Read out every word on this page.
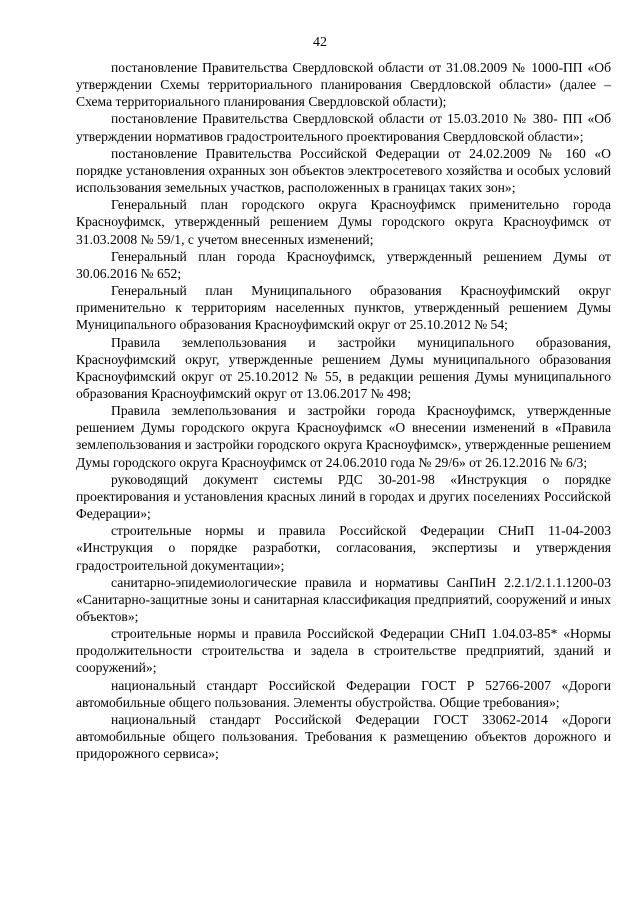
42

постановление Правительства Свердловской области от 31.08.2009 № 1000-ПП «Об утверждении Схемы территориального планирования Свердловской области» (далее – Схема территориального планирования Свердловской области);

постановление Правительства Свердловской области от 15.03.2010 № 380- ПП «Об утверждении нормативов градостроительного проектирования Свердловской области»;

постановление Правительства Российской Федерации от 24.02.2009 № 160 «О порядке установления охранных зон объектов электросетевого хозяйства и особых условий использования земельных участков, расположенных в границах таких зон»;

Генеральный план городского округа Красноуфимск применительно города Красноуфимск, утвержденный решением Думы городского округа Красноуфимск от 31.03.2008 № 59/1, с учетом внесенных изменений;

Генеральный план города Красноуфимск, утвержденный решением Думы от 30.06.2016 № 652;

Генеральный план Муниципального образования Красноуфимский округ применительно к территориям населенных пунктов, утвержденный решением Думы Муниципального образования Красноуфимский округ от 25.10.2012 № 54;

Правила землепользования и застройки муниципального образования, Красноуфимский округ, утвержденные решением Думы муниципального образования Красноуфимский округ от 25.10.2012 № 55, в редакции решения Думы муниципального образования Красноуфимский округ от 13.06.2017 № 498;

Правила землепользования и застройки города Красноуфимск, утвержденные решением Думы городского округа Красноуфимск «О внесении изменений в «Правила землепользования и застройки городского округа Красноуфимск», утвержденные решением Думы городского округа Красноуфимск от 24.06.2010 года № 29/6» от 26.12.2016 № 6/3;

руководящий документ системы РДС 30-201-98 «Инструкция о порядке проектирования и установления красных линий в городах и других поселениях Российской Федерации»;

строительные нормы и правила Российской Федерации СНиП 11-04-2003 «Инструкция о порядке разработки, согласования, экспертизы и утверждения градостроительной документации»;

санитарно-эпидемиологические правила и нормативы СанПиН 2.2.1/2.1.1.1200-03 «Санитарно-защитные зоны и санитарная классификация предприятий, сооружений и иных объектов»;

строительные нормы и правила Российской Федерации СНиП 1.04.03-85* «Нормы продолжительности строительства и задела в строительстве предприятий, зданий и сооружений»;

национальный стандарт Российской Федерации ГОСТ Р 52766-2007 «Дороги автомобильные общего пользования. Элементы обустройства. Общие требования»;

национальный стандарт Российской Федерации ГОСТ 33062-2014 «Дороги автомобильные общего пользования. Требования к размещению объектов дорожного и придорожного сервиса»;
